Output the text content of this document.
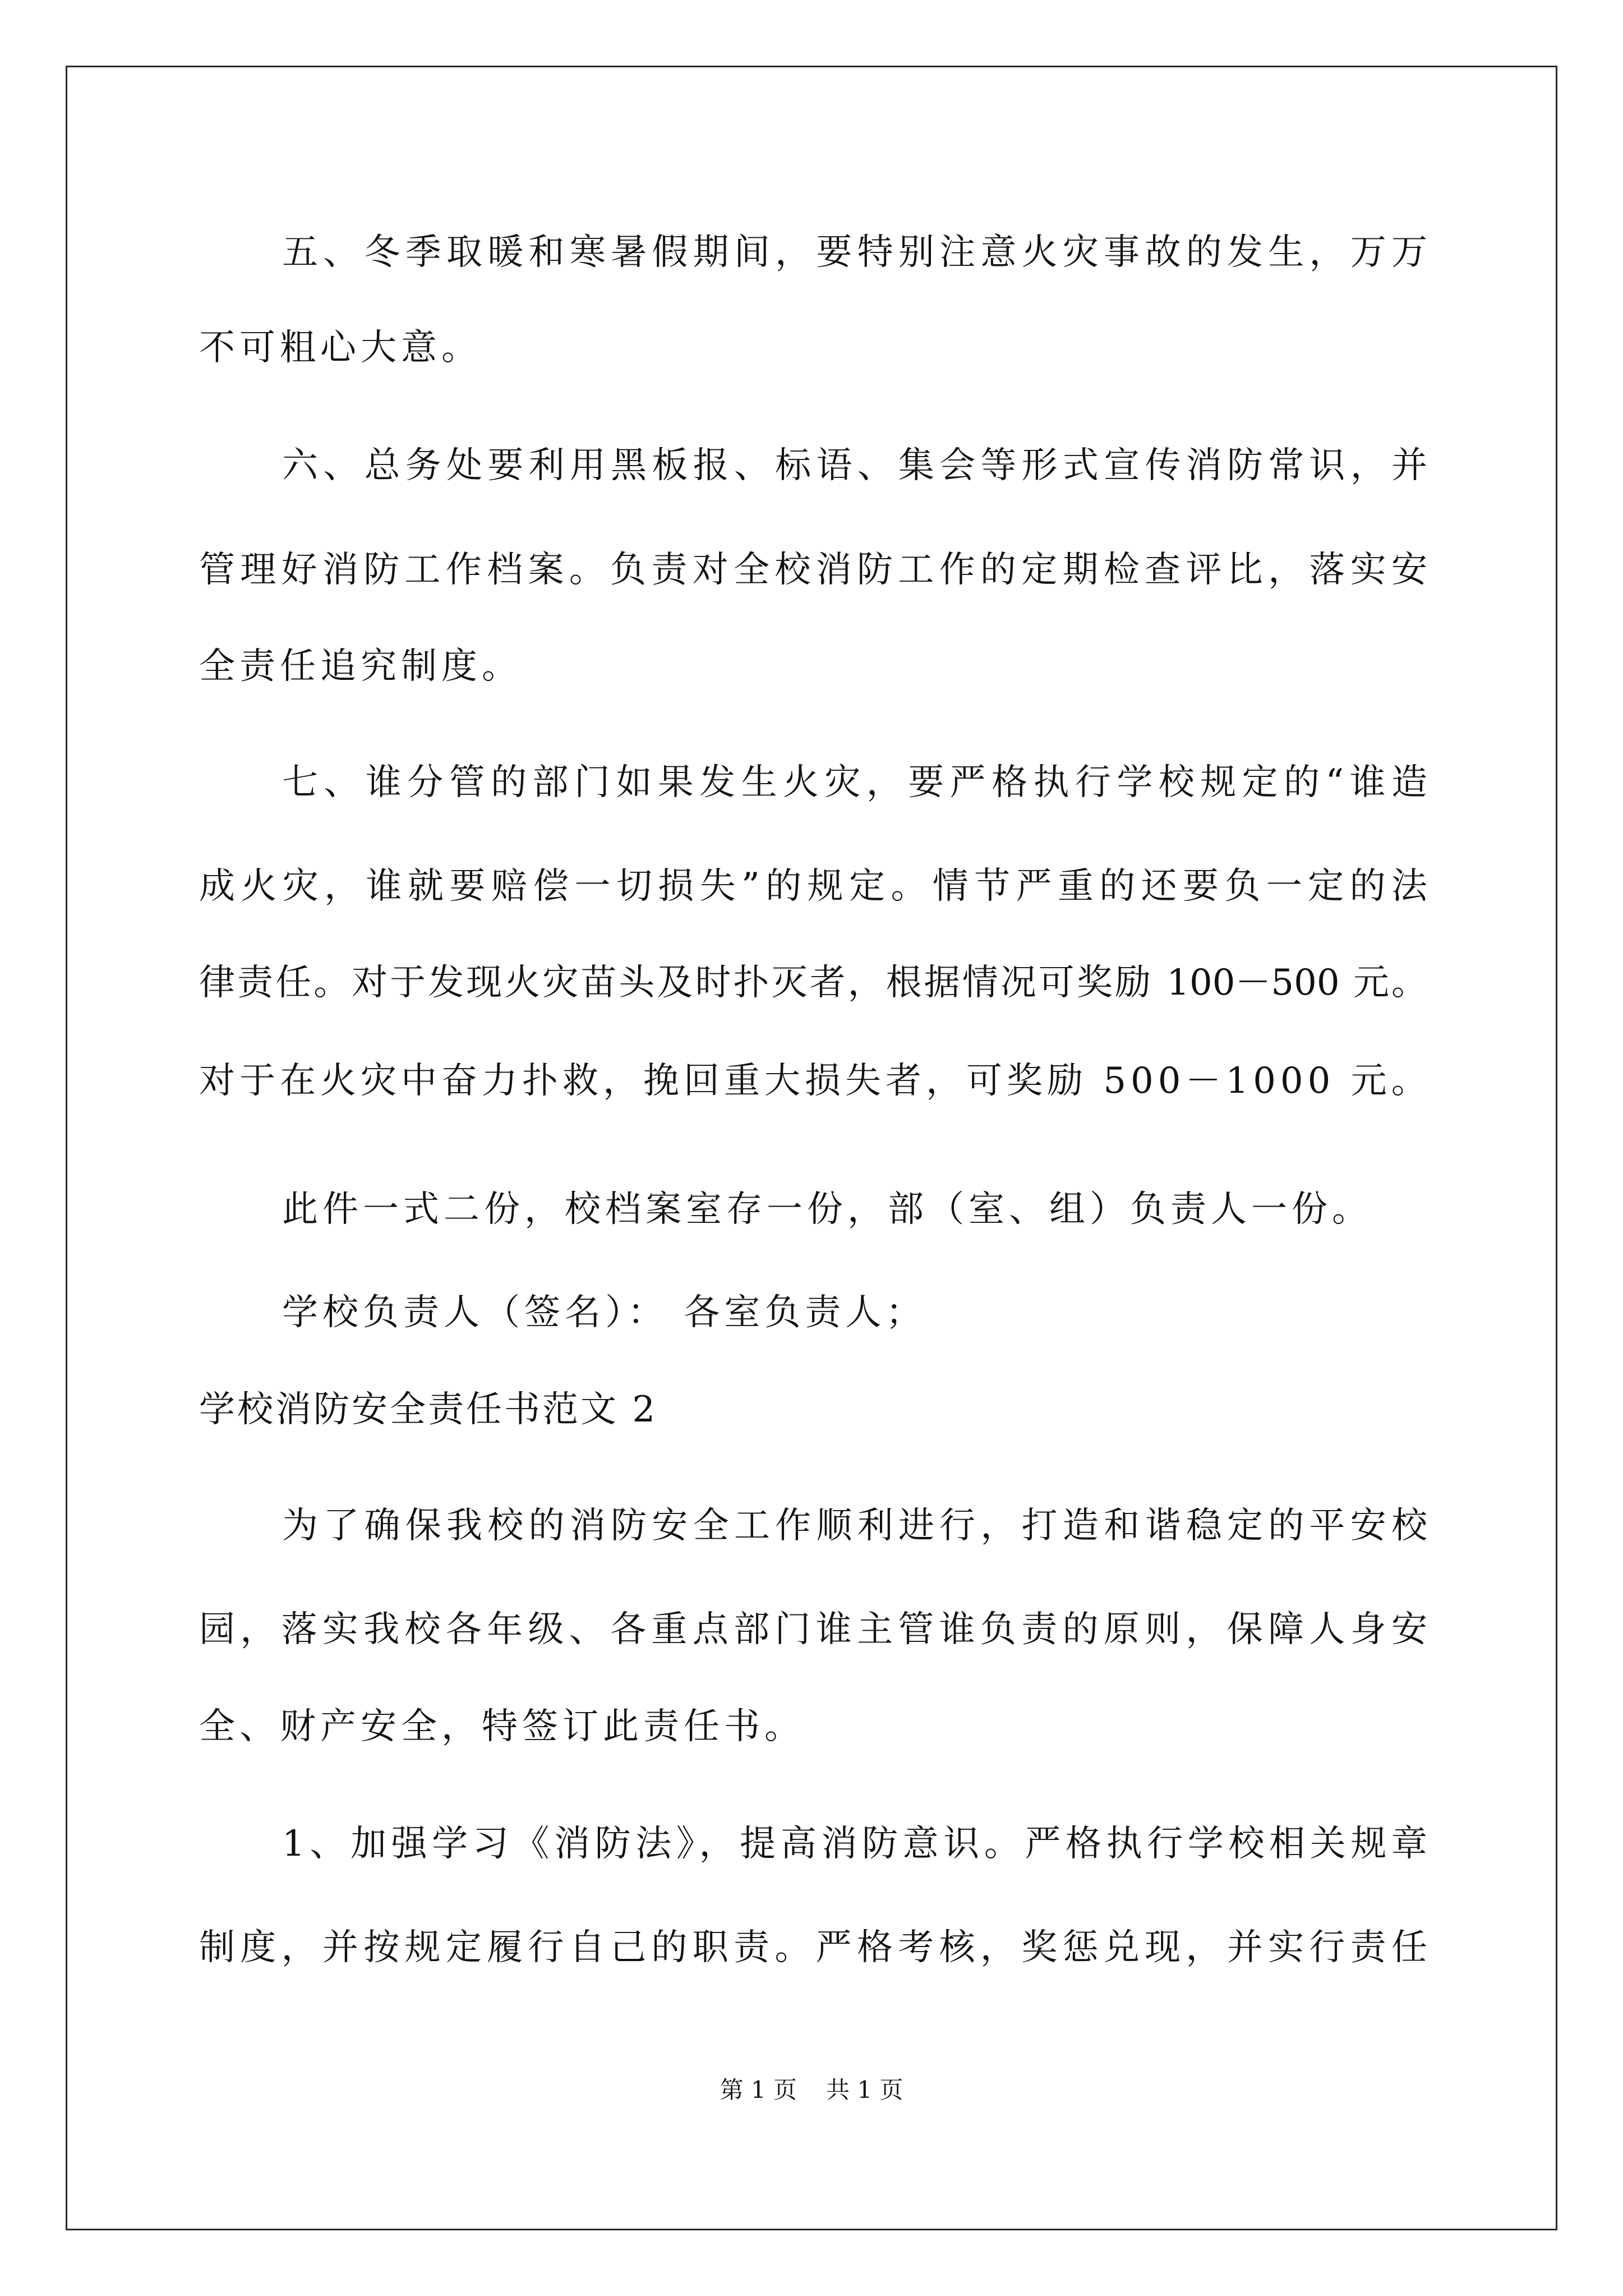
五、冬季取暖和寒暑假期间，要特别注意火灾事故的发生，万万
不可粗心大意。
六、总务处要利用黑板报、标语、集会等形式宣传消防常识，并
管理好消防工作档案。负责对全校消防工作的定期检查评比，落实安
全责任追究制度。
七、谁分管的部门如果发生火灾，要严格执行学校规定的“谁造
成火灾，谁就要赔偿一切损失”的规定。情节严重的还要负一定的法
律责任。对于发现火灾苗头及时扑灭者，根据情况可奖励 100－500 元。
对于在火灾中奋力扑救，挽回重大损失者，可奖励 500－1000 元。
此件一式二份，校档案室存一份，部（室、组）负责人一份。
学校负责人（签名）： 各室负责人；
学校消防安全责任书范文 2
为了确保我校的消防安全工作顺利进行，打造和谐稳定的平安校
园，落实我校各年级、各重点部门谁主管谁负责的原则，保障人身安
全、财产安全，特签订此责任书。
1、加强学习《消防法》，提高消防意识。严格执行学校相关规章
制度，并按规定履行自己的职责。严格考核，奖惩兑现，并实行责任
第 1 页 共 1 页
